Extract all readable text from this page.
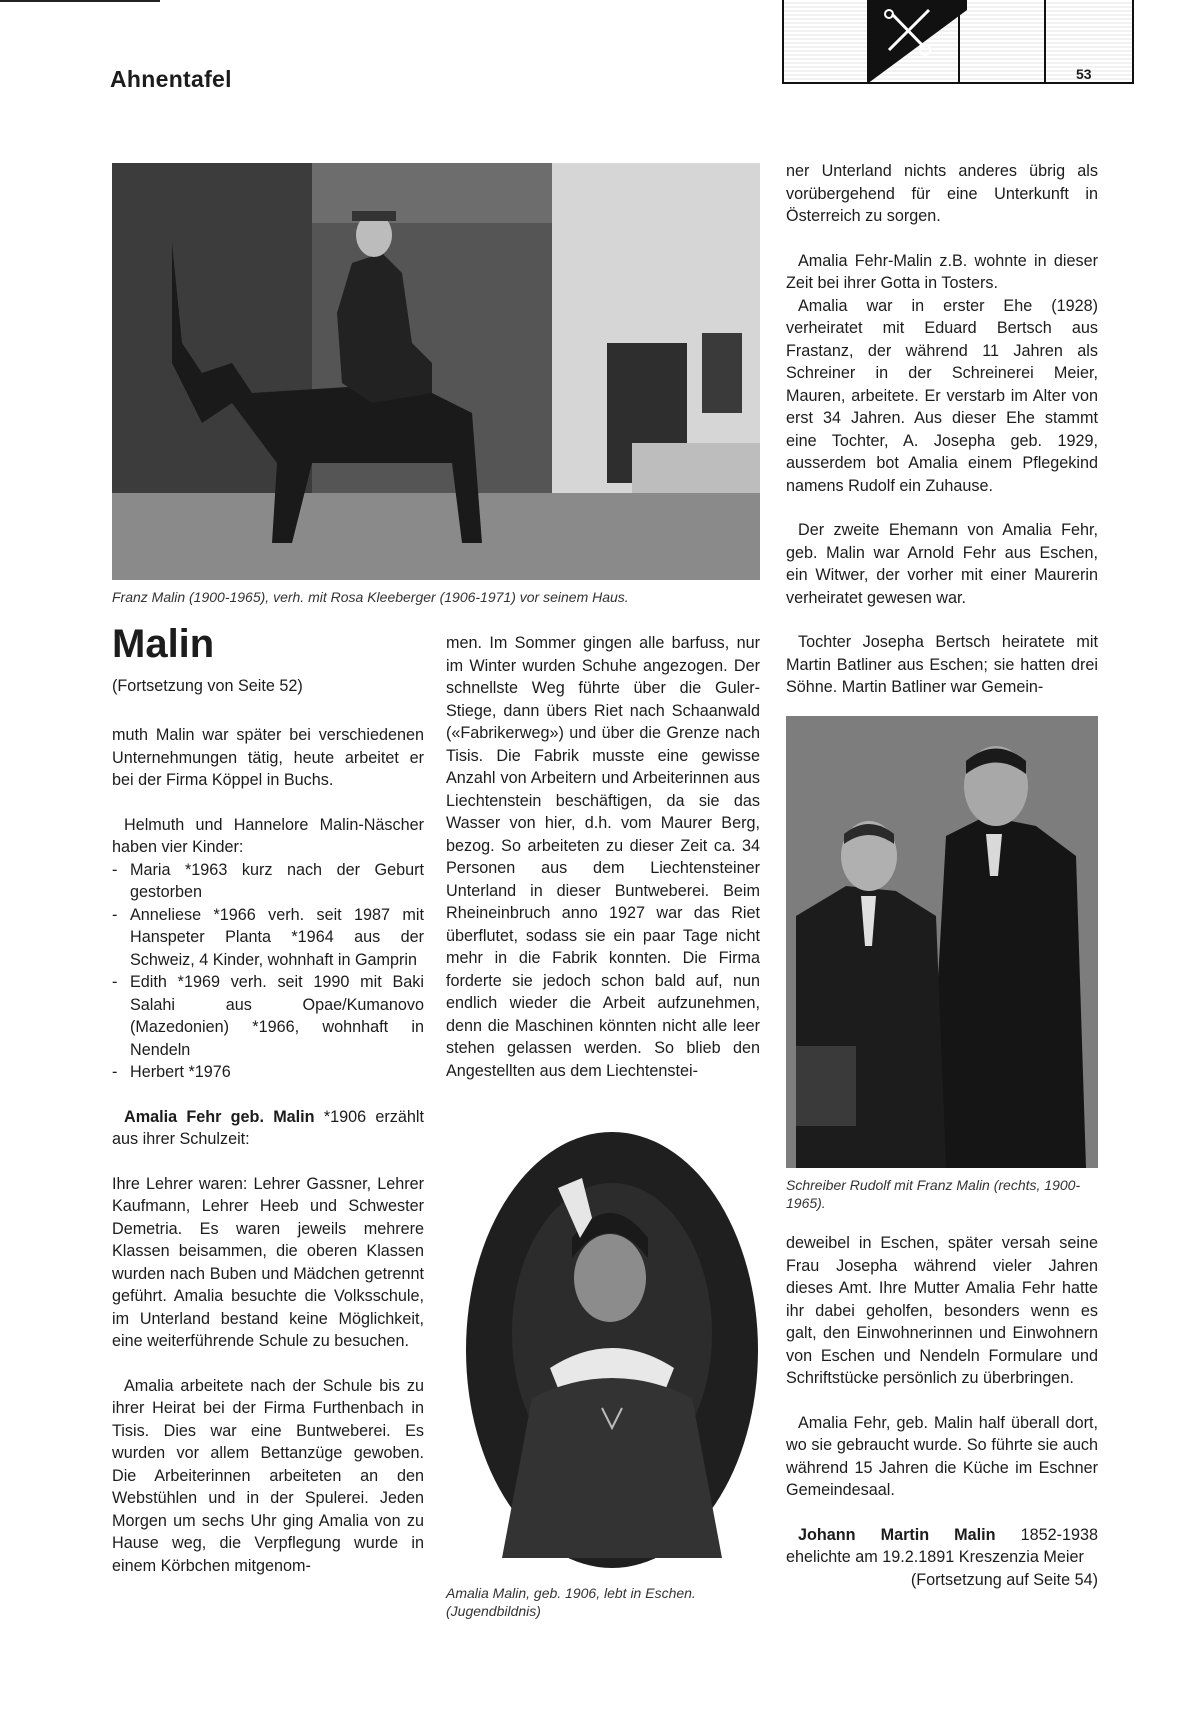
Ahnentafel	53
Franz Malin (1900-1965), verh. mit Rosa Kleeberger (1906-1971) vor seinem Haus.
Malin
(Fortsetzung von Seite 52)

muth Malin war später bei verschiedenen Unternehmungen tätig, heute arbeitet er bei der Firma Köppel in Buchs.

Helmuth und Hannelore Malin-Näscher haben vier Kinder:

- Maria *1963 kurz nach der Geburt gestorben
- Anneliese *1966 verh. seit 1987 mit Hanspeter Planta *1964 aus der Schweiz, 4 Kinder, wohnhaft in Gamprin
- Edith *1969 verh. seit 1990 mit Baki Salahi aus Opae/Kumanovo (Mazedonien) *1966, wohnhaft in Nendeln
- Herbert *1976

Amalia Fehr geb. Malin *1906 erzählt aus ihrer Schulzeit:

Ihre Lehrer waren: Lehrer Gassner, Lehrer Kaufmann, Lehrer Heeb und Schwester Demetria. Es waren jeweils mehrere Klassen beisammen, die oberen Klassen wurden nach Buben und Mädchen getrennt geführt. Amalia besuchte die Volksschule, im Unterland bestand keine Möglichkeit, eine weiterführende Schule zu besuchen.

Amalia arbeitete nach der Schule bis zu ihrer Heirat bei der Firma Furthenbach in Tisis. Dies war eine Buntweberei. Es wurden vor allem Bettanzüge gewoben. Die Arbeiterinnen arbeiteten an den Webstühlen und in der Spulerei. Jeden Morgen um sechs Uhr ging Amalia von zu Hause weg, die Verpflegung wurde in einem Körbchen mitgenom-

men. Im Sommer gingen alle barfuss, nur im Winter wurden Schuhe angezogen. Der schnellste Weg führte über die Guler-Stiege, dann übers Riet nach Schaanwald («Fabrikerweg») und über die Grenze nach Tisis. Die Fabrik musste eine gewisse Anzahl von Arbeitern und Arbeiterinnen aus Liechtenstein beschäftigen, da sie das Wasser von hier, d.h. vom Maurer Berg, bezog. So arbeiteten zu dieser Zeit ca. 34 Personen aus dem Liechtensteiner Unterland in dieser Buntweberei. Beim Rheineinbruch anno 1927 war das Riet überflutet, sodass sie ein paar Tage nicht mehr in die Fabrik konnten. Die Firma forderte sie jedoch schon bald auf, nun endlich wieder die Arbeit aufzunehmen, denn die Maschinen könnten nicht alle leer stehen gelassen werden. So blieb den Angestellten aus dem Liechtenstei-

Amalia Malin, geb. 1906, lebt in Eschen. (Jugendbildnis)

ner Unterland nichts anderes übrig als vorübergehend für eine Unterkunft in Österreich zu sorgen.

Amalia Fehr-Malin z.B. wohnte in dieser Zeit bei ihrer Gotta in Tosters.

Amalia war in erster Ehe (1928) verheiratet mit Eduard Bertsch aus Frastanz, der während 11 Jahren als Schreiner in der Schreinerei Meier, Mauren, arbeitete. Er verstarb im Alter von erst 34 Jahren. Aus dieser Ehe stammt eine Tochter, A. Josepha geb. 1929, ausserdem bot Amalia einem Pflegekind namens Rudolf ein Zuhause.

Der zweite Ehemann von Amalia Fehr, geb. Malin war Arnold Fehr aus Eschen, ein Witwer, der vorher mit einer Maurerin verheiratet gewesen war.

Tochter Josepha Bertsch heiratete mit Martin Batliner aus Eschen; sie hatten drei Söhne. Martin Batliner war Gemein-

Schreiber Rudolf mit Franz Malin (rechts, 1900-1965).

deweibel in Eschen, später versah seine Frau Josepha während vieler Jahren dieses Amt. Ihre Mutter Amalia Fehr hatte ihr dabei geholfen, besonders wenn es galt, den Einwohnerinnen und Einwohnern von Eschen und Nendeln Formulare und Schriftstücke persönlich zu überbringen.

Amalia Fehr, geb. Malin half überall dort, wo sie gebraucht wurde. So führte sie auch während 15 Jahren die Küche im Eschner Gemeindesaal.

Johann Martin Malin 1852-1938 ehelichte am 19.2.1891 Kreszenzia Meier

(Fortsetzung auf Seite 54)
